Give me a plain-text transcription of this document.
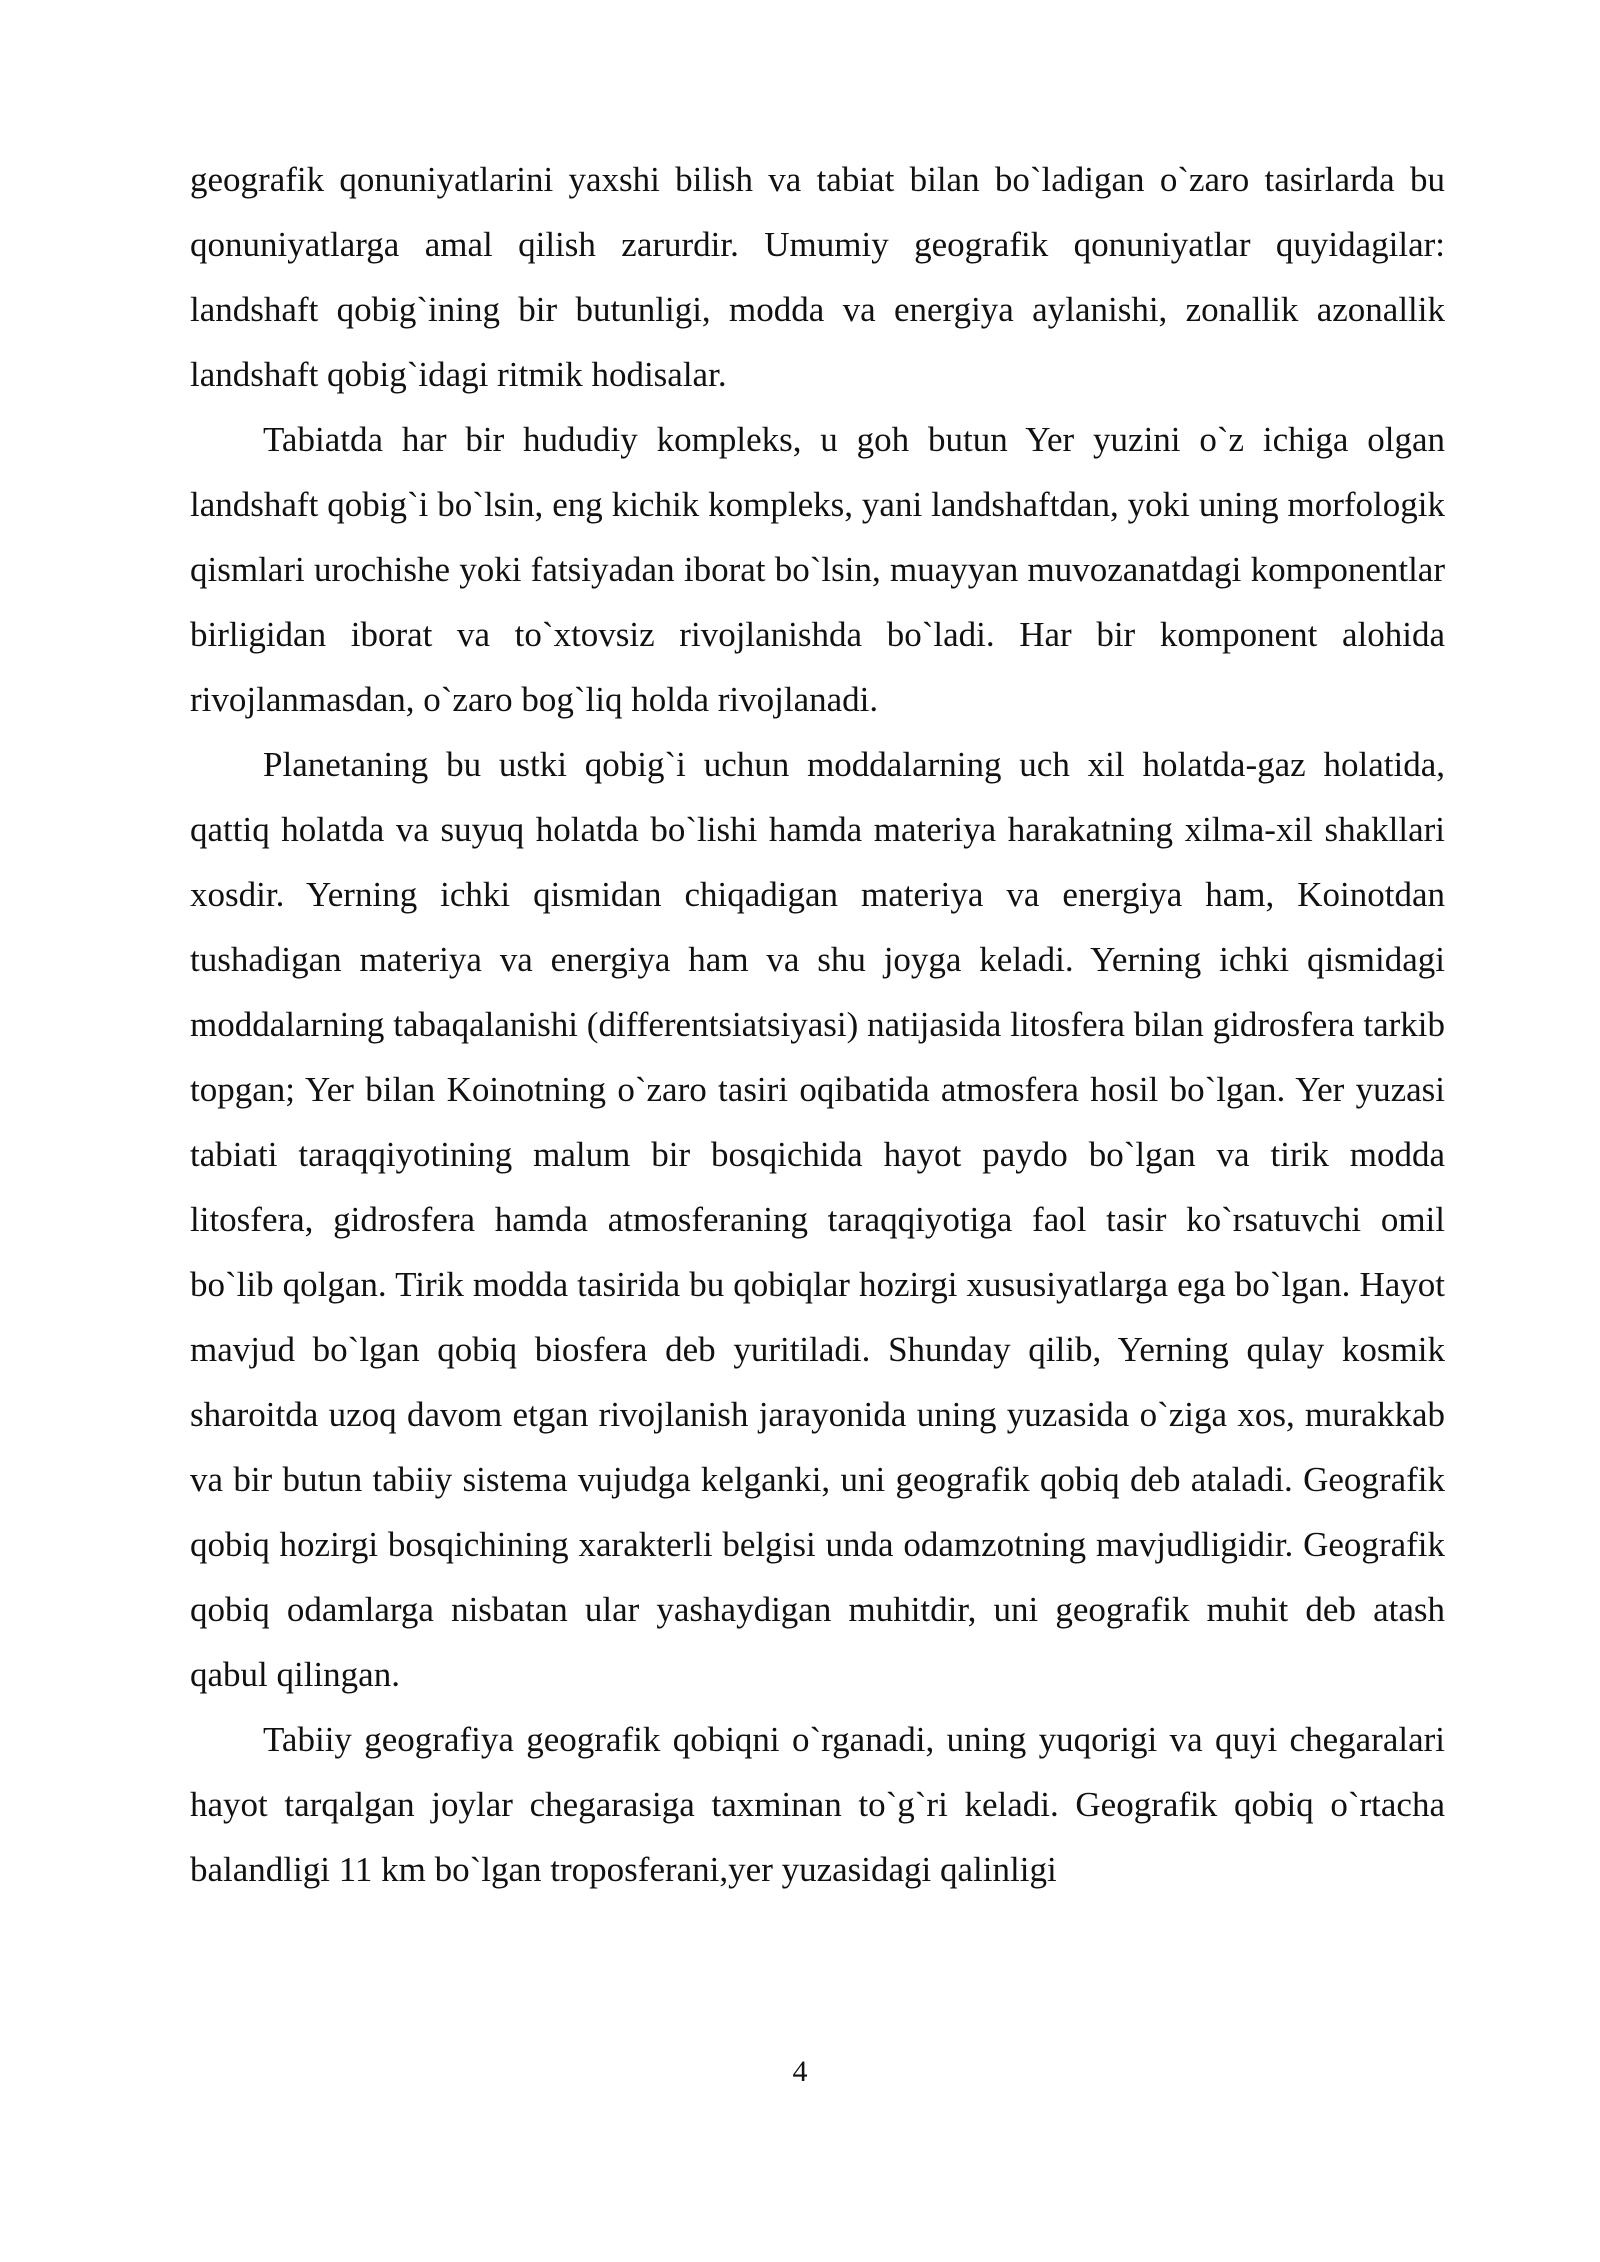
geografik qonuniyatlarini yaxshi bilish va tabiat bilan bo`ladigan o`zaro tasirlarda bu qonuniyatlarga amal qilish zarurdir. Umumiy geografik qonuniyatlar quyidagilar: landshaft qobig`ining bir butunligi, modda va energiya aylanishi, zonallik azonallik landshaft qobig`idagi ritmik hodisalar.

Tabiatda har bir hududiy kompleks, u goh butun Yer yuzini o`z ichiga olgan landshaft qobig`i bo`lsin, eng kichik kompleks, yani landshaftdan, yoki uning morfologik qismlari urochishe yoki fatsiyadan iborat bo`lsin, muayyan muvozanatdagi komponentlar birligidan iborat va to`xtovsiz rivojlanishda bo`ladi. Har bir komponent alohida rivojlanmasdan, o`zaro bog`liq holda rivojlanadi.

Planetaning bu ustki qobig`i uchun moddalarning uch xil holatda-gaz holatida, qattiq holatda va suyuq holatda bo`lishi hamda materiya harakatning xilma-xil shakllari xosdir. Yerning ichki qismidan chiqadigan materiya va energiya ham, Koinotdan tushadigan materiya va energiya ham va shu joyga keladi. Yerning ichki qismidagi moddalarning tabaqalanishi (differentsiatsiyasi) natijasida litosfera bilan gidrosfera tarkib topgan; Yer bilan Koinotning o`zaro tasiri oqibatida atmosfera hosil bo`lgan. Yer yuzasi tabiati taraqqiyotining malum bir bosqichida hayot paydo bo`lgan va tirik modda litosfera, gidrosfera hamda atmosferaning taraqqiyotiga faol tasir ko`rsatuvchi omil bo`lib qolgan. Tirik modda tasirida bu qobiqlar hozirgi xususiyatlarga ega bo`lgan. Hayot mavjud bo`lgan qobiq biosfera deb yuritiladi. Shunday qilib, Yerning qulay kosmik sharoitda uzoq davom etgan rivojlanish jarayonida uning yuzasida o`ziga xos, murakkab va bir butun tabiiy sistema vujudga kelganki, uni geografik qobiq deb ataladi. Geografik qobiq hozirgi bosqichining xarakterli belgisi unda odamzotning mavjudligidir. Geografik qobiq odamlarga nisbatan ular yashaydigan muhitdir, uni geografik muhit deb atash qabul qilingan.

Tabiiy geografiya geografik qobiqni o`rganadi, uning yuqorigi va quyi chegaralari hayot tarqalgan joylar chegarasiga taxminan to`g`ri keladi. Geografik qobiq o`rtacha balandligi 11 km bo`lgan troposferani,yer yuzasidagi qalinligi

4
